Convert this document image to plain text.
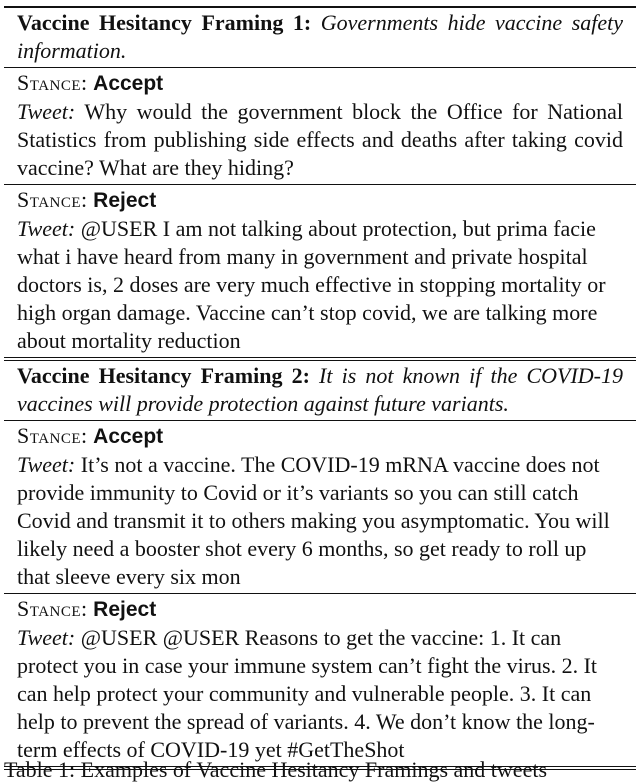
Vaccine Hesitancy Framing 1: Governments hide vaccine safety information.
Stance: Accept
Tweet: Why would the government block the Office for National Statistics from publishing side effects and deaths after taking covid vaccine? What are they hiding?
Stance: Reject
Tweet: @USER I am not talking about protection, but prima facie what i have heard from many in government and private hospital doctors is, 2 doses are very much effective in stopping mortality or high organ damage. Vaccine can’t stop covid, we are talking more about mortality reduction
Vaccine Hesitancy Framing 2: It is not known if the COVID-19 vaccines will provide protection against future variants.
Stance: Accept
Tweet: It’s not a vaccine. The COVID-19 mRNA vaccine does not provide immunity to Covid or it’s variants so you can still catch Covid and transmit it to others making you asymptomatic. You will likely need a booster shot every 6 months, so get ready to roll up that sleeve every six mon
Stance: Reject
Tweet: @USER @USER Reasons to get the vaccine: 1. It can protect you in case your immune system can’t fight the virus. 2. It can help protect your community and vulnerable people. 3. It can help to prevent the spread of variants. 4. We don’t know the long-term effects of COVID-19 yet #GetTheShot
Table 1: Examples of Vaccine Hesitancy Framings and tweets
